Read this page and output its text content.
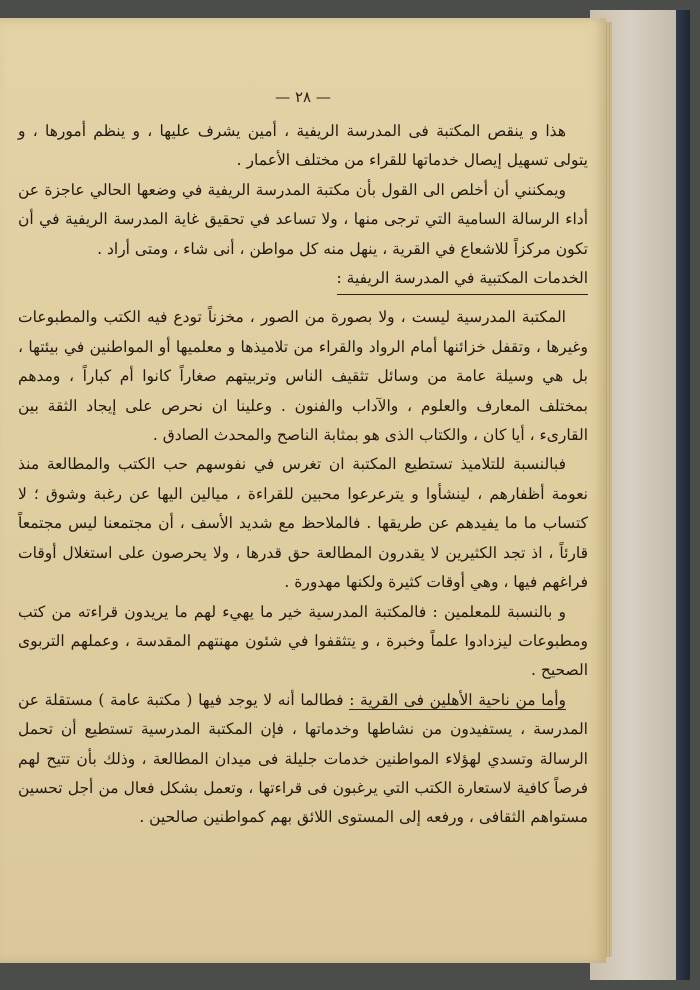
— ٢٨ —

هذا و ينقص المكتبة فى المدرسة الريفية ، أمين يشرف عليها ، و ينظم أمورها ، و يتولى تسهيل إيصال خدماتها للقراء من مختلف الأعمار .

ويمكنني أن أخلص الى القول بأن مكتبة المدرسة الريفية في وضعها الحالي عاجزة عن أداء الرسالة السامية التي ترجى منها ، ولا تساعد في تحقيق غاية المدرسة الريفية في أن تكون مركزاً للاشعاع في القرية ، ينهل منه كل مواطن ، أنى شاء ، ومتى أراد .

الخدمات المكتبية في المدرسة الريفية :

المكتبة المدرسية ليست ، ولا بصورة من الصور ، مخزناً تودع فيه الكتب والمطبوعات وغيرها ، وتقفل خزائنها أمام الرواد والقراء من تلاميذها و معلميها أو المواطنين في بيئتها ، بل هي وسيلة عامة من وسائل تثقيف الناس وتربيتهم صغاراً كانوا أم كباراً ، ومدهم بمختلف المعارف والعلوم ، والآداب والفنون . وعلينا ان نحرص على إيجاد الثقة بين القارىء ، أيا كان ، والكتاب الذى هو بمثابة الناصح والمحدث الصادق .

فبالنسبة للتلاميذ تستطيع المكتبة ان تغرس في نفوسهم حب الكتب والمطالعة منذ نعومة أظفارهم ، لينشأوا و يترعرعوا محبين للقراءة ، ميالين اليها عن رغبة وشوق ؛ لا كتساب ما ما يفيدهم عن طريقها . فالملاحظ مع شديد الأسف ، أن مجتمعنا ليس مجتمعاً قارئاً ، اذ تجد الكثيرين لا يقدرون المطالعة حق قدرها ، ولا يحرصون على استغلال أوقات فراغهم فيها ، وهي أوقات كثيرة ولكنها مهدورة .

و بالنسبة للمعلمين : فالمكتبة المدرسية خير ما يهيء لهم ما يريدون قراءته من كتب ومطبوعات ليزدادوا علماً وخبرة ، و يتثقفوا في شئون مهنتهم المقدسة ، وعملهم التربوى الصحيح .

وأما من ناحية الأهلين فى القرية : فطالما أنه لا يوجد فيها ( مكتبة عامة ) مستقلة عن المدرسة ، يستفيدون من نشاطها وخدماتها ، فإن المكتبة المدرسية تستطيع أن تحمل الرسالة وتسدي لهؤلاء المواطنين خدمات جليلة فى ميدان المطالعة ، وذلك بأن تتيح لهم فرصاً كافية لاستعارة الكتب التي يرغبون فى قراءتها ، وتعمل بشكل فعال من أجل تحسين مستواهم الثقافى ، ورفعه إلى المستوى اللائق بهم كمواطنين صالحين .
